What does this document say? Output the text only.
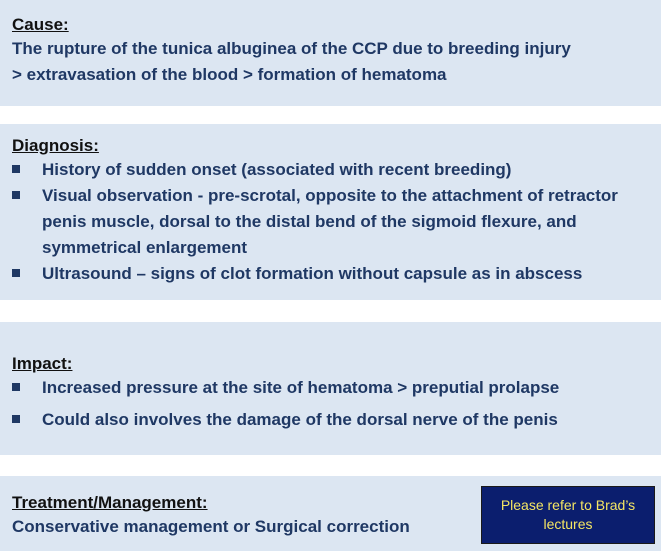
Cause:

The rupture of the tunica albuginea of the CCP due to breeding injury

> extravasation of the blood > formation of hematoma

Diagnosis:

History of sudden onset (associated with recent breeding)
Visual observation - pre-scrotal, opposite to the attachment of retractor penis muscle, dorsal to the distal bend of the sigmoid flexure, and symmetrical enlargement
Ultrasound – signs of clot formation without capsule as in abscess

Impact:

Increased pressure at the site of hematoma > preputial prolapse
Could also involves the damage of the dorsal nerve of the penis

Treatment/Management:

Conservative management or Surgical correction

Please refer to Brad’s lectures
